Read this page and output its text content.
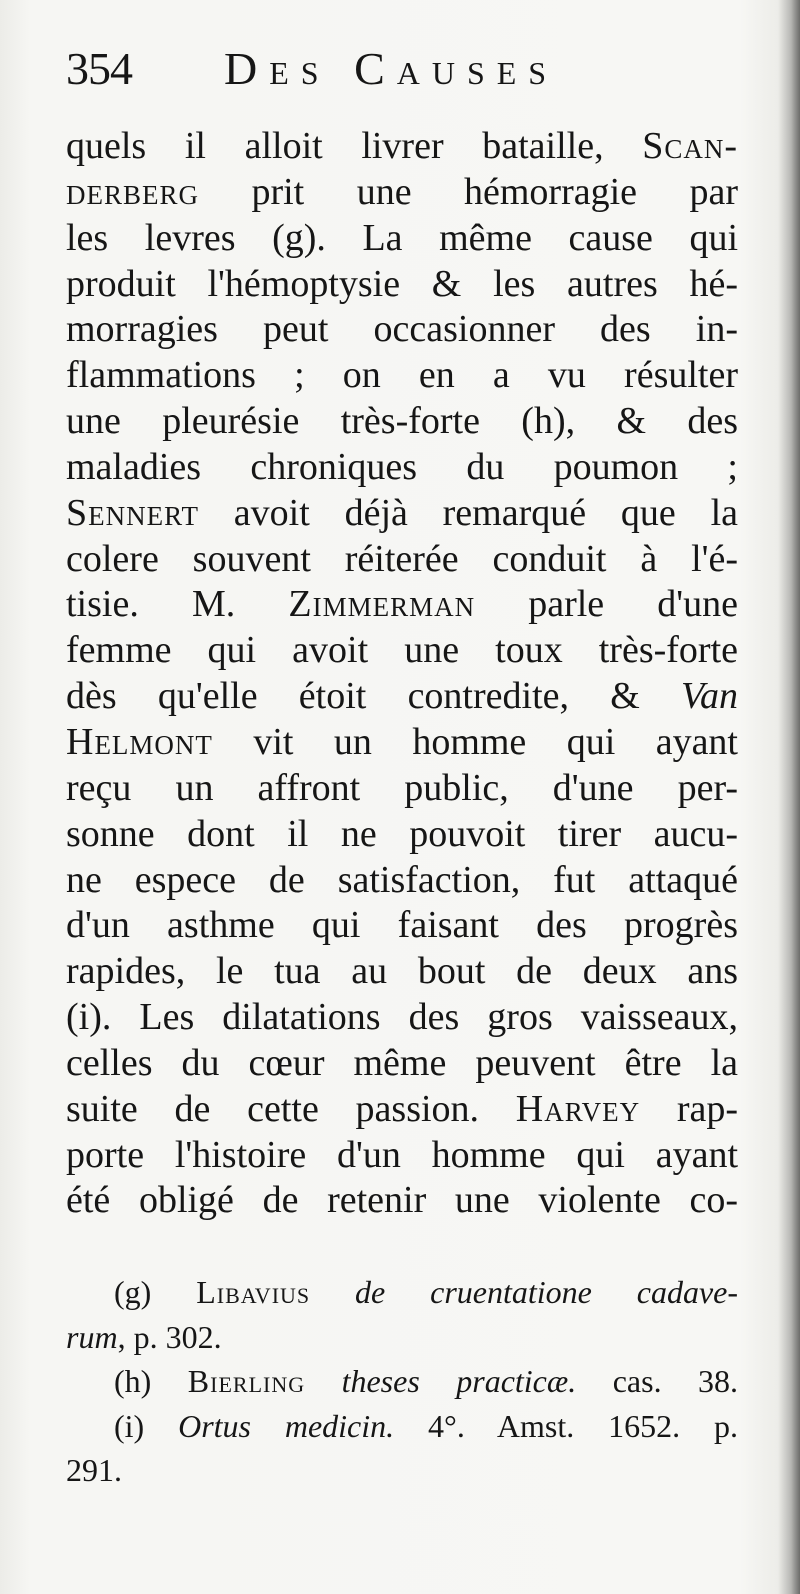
354 Des Causes
quels il alloit livrer bataille, Scan-
derberg prit une hémorragie par
les levres (g). La même cause qui
produit l'hémoptysie & les autres hé-
morragies peut occasionner des in-
flammations ; on en a vu résulter
une pleurésie très-forte (h), & des
maladies chroniques du poumon ;
Sennert avoit déjà remarqué que la
colere souvent réiterée conduit à l'é-
tisie. M. Zimmerman parle d'une
femme qui avoit une toux très-forte
dès qu'elle étoit contredite, & Van
Helmont vit un homme qui ayant
reçu un affront public, d'une per-
sonne dont il ne pouvoit tirer aucu-
ne espece de satisfaction, fut attaqué
d'un asthme qui faisant des progrès
rapides, le tua au bout de deux ans
(i). Les dilatations des gros vaisseaux,
celles du cœur même peuvent être la
suite de cette passion. Harvey rap-
porte l'histoire d'un homme qui ayant
été obligé de retenir une violente co-
(g) Libavius de cruentatione cadave-
rum, p. 302.
(h) Bierling theses practicæ. cas. 38.
(i) Ortus medicin. 4°. Amst. 1652. p.
291.
